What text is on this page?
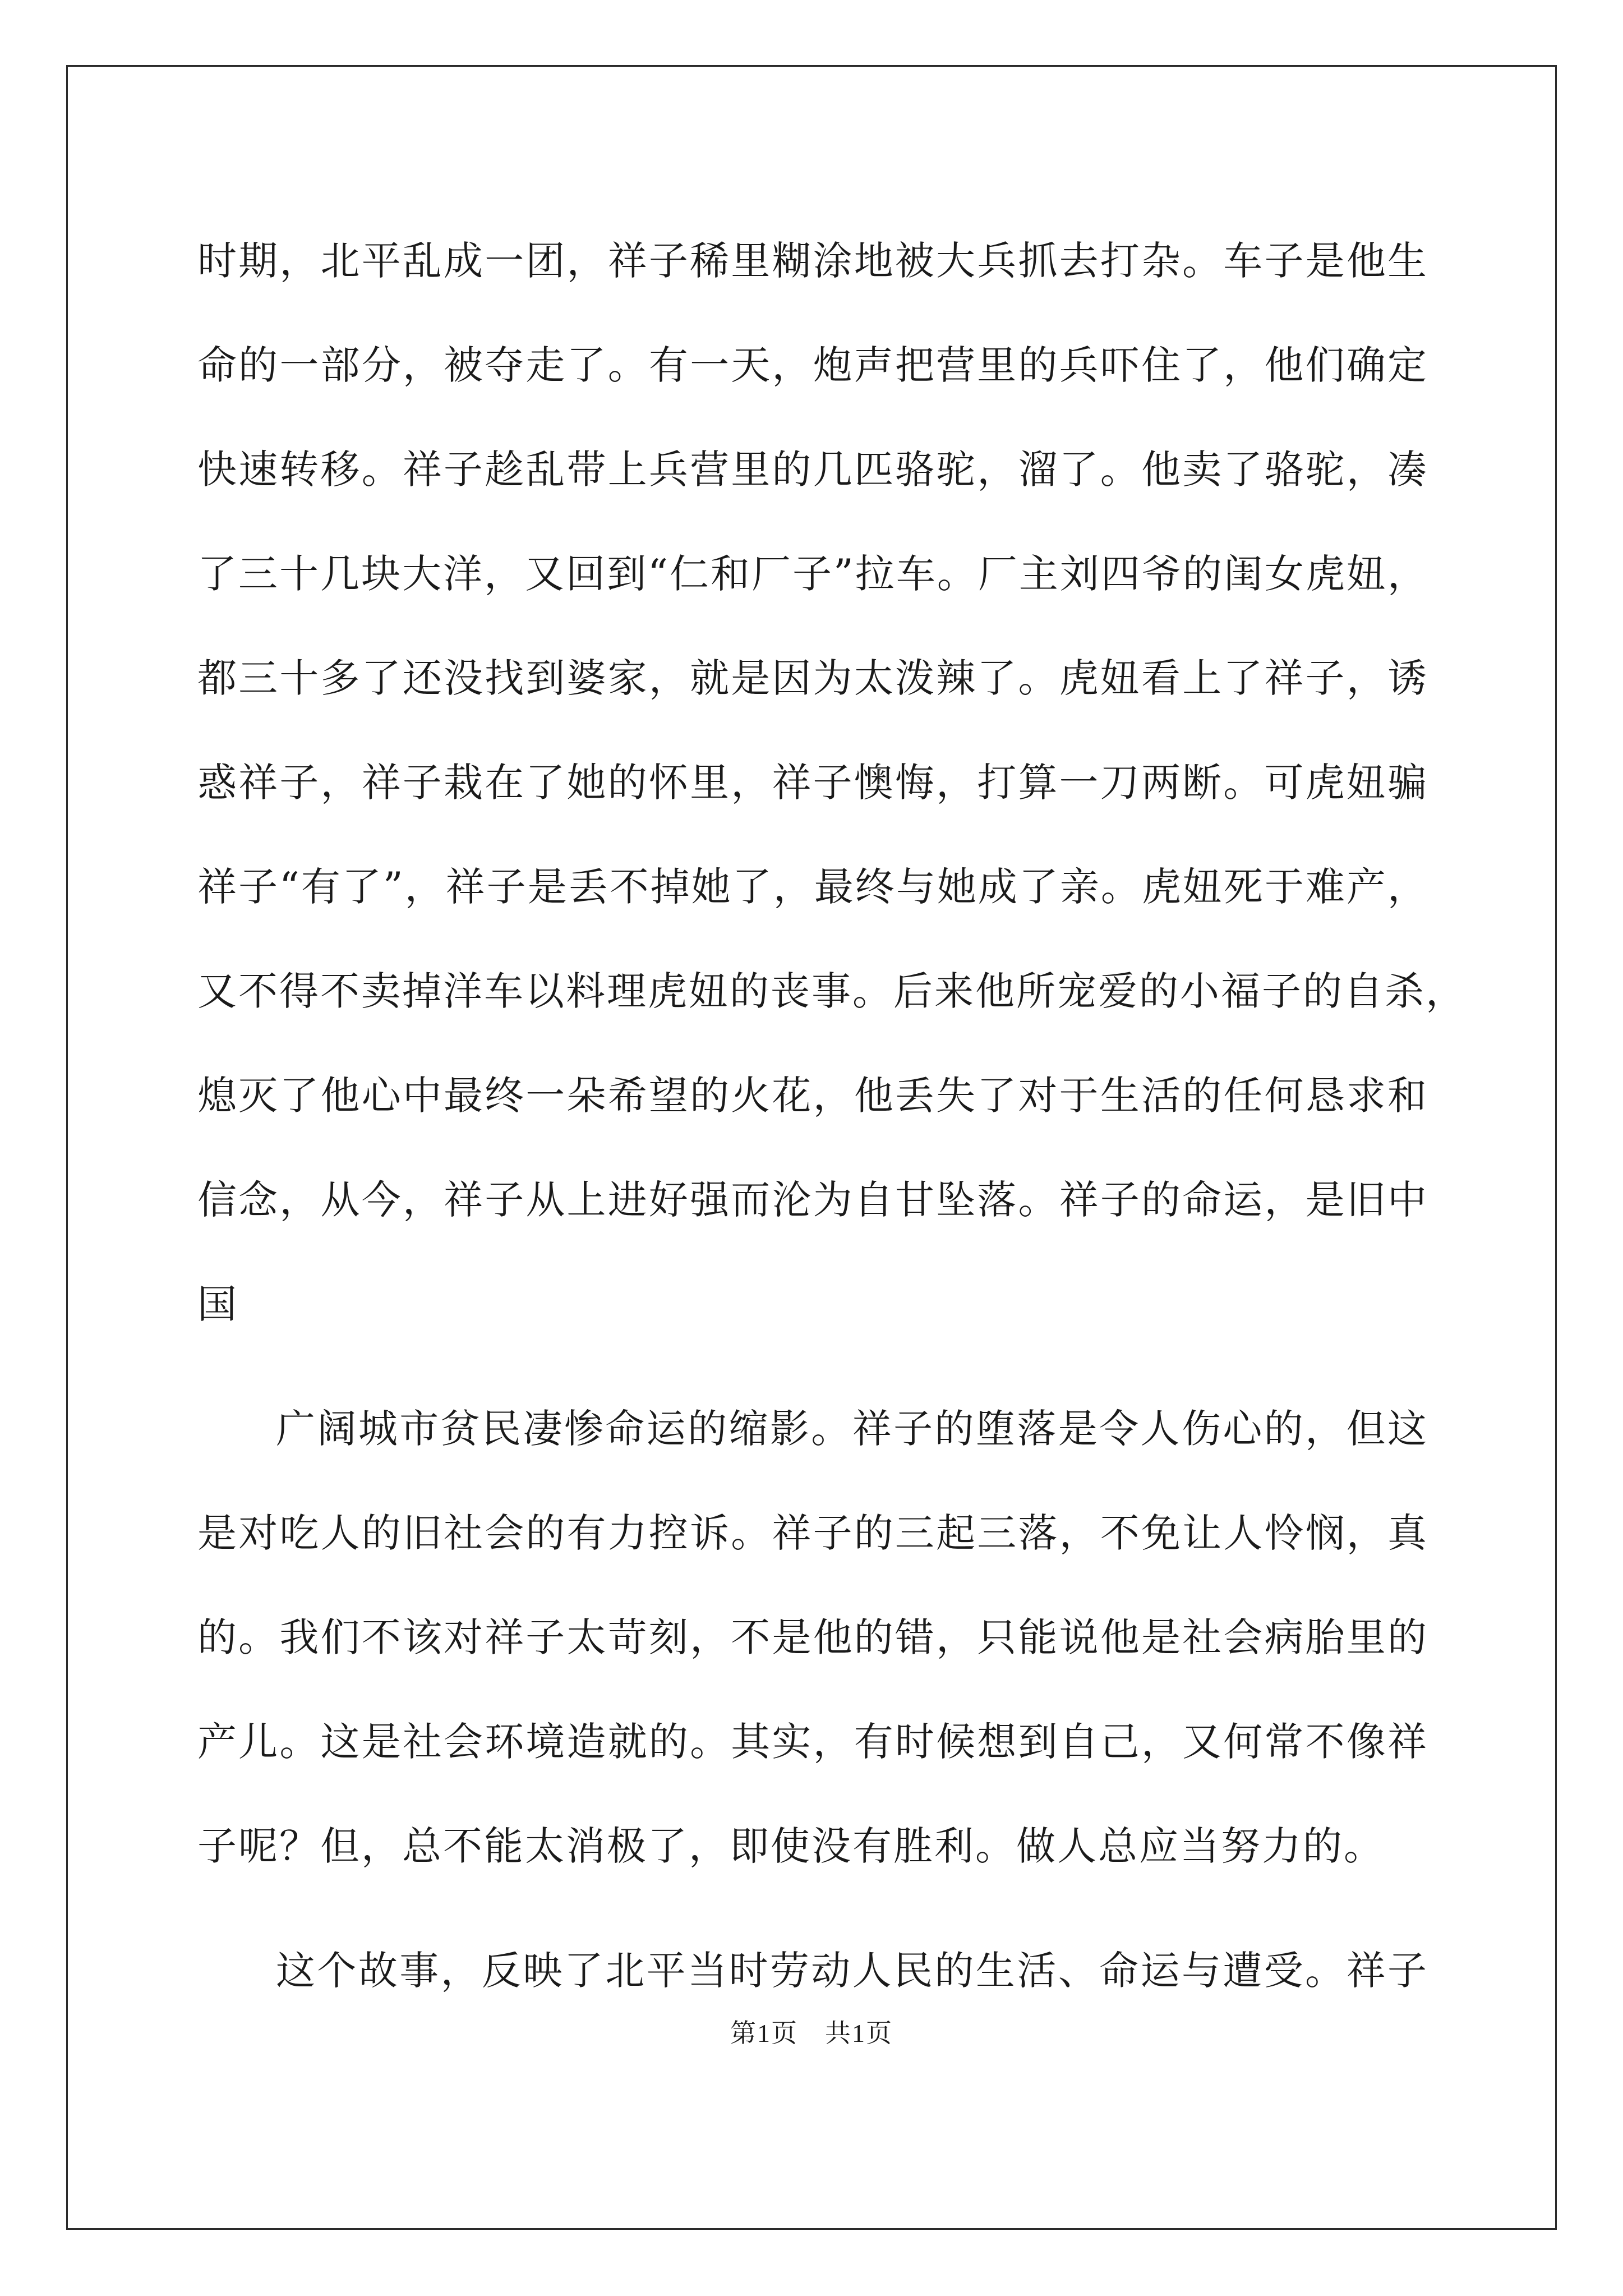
时期，北平乱成一团，祥子稀里糊涂地被大兵抓去打杂。车子是他生
命的一部分，被夺走了。有一天，炮声把营里的兵吓住了，他们确定
快速转移。祥子趁乱带上兵营里的几匹骆驼，溜了。他卖了骆驼，凑
了三十几块大洋，又回到“仁和厂子”拉车。厂主刘四爷的闺女虎妞，
都三十多了还没找到婆家，就是因为太泼辣了。虎妞看上了祥子，诱
惑祥子，祥子栽在了她的怀里，祥子懊悔，打算一刀两断。可虎妞骗
祥子“有了”，祥子是丢不掉她了，最终与她成了亲。虎妞死于难产，
又不得不卖掉洋车以料理虎妞的丧事。后来他所宠爱的小福子的自杀，
熄灭了他心中最终一朵希望的火花，他丢失了对于生活的任何恳求和
信念，从今，祥子从上进好强而沦为自甘坠落。祥子的命运，是旧中
国
广阔城市贫民凄惨命运的缩影。祥子的堕落是令人伤心的，但这
是对吃人的旧社会的有力控诉。祥子的三起三落，不免让人怜悯，真
的。我们不该对祥子太苛刻，不是他的错，只能说他是社会病胎里的
产儿。这是社会环境造就的。其实，有时候想到自己，又何常不像祥
子呢？但，总不能太消极了，即使没有胜利。做人总应当努力的。
这个故事，反映了北平当时劳动人民的生活、命运与遭受。祥子
第1页　共1页
